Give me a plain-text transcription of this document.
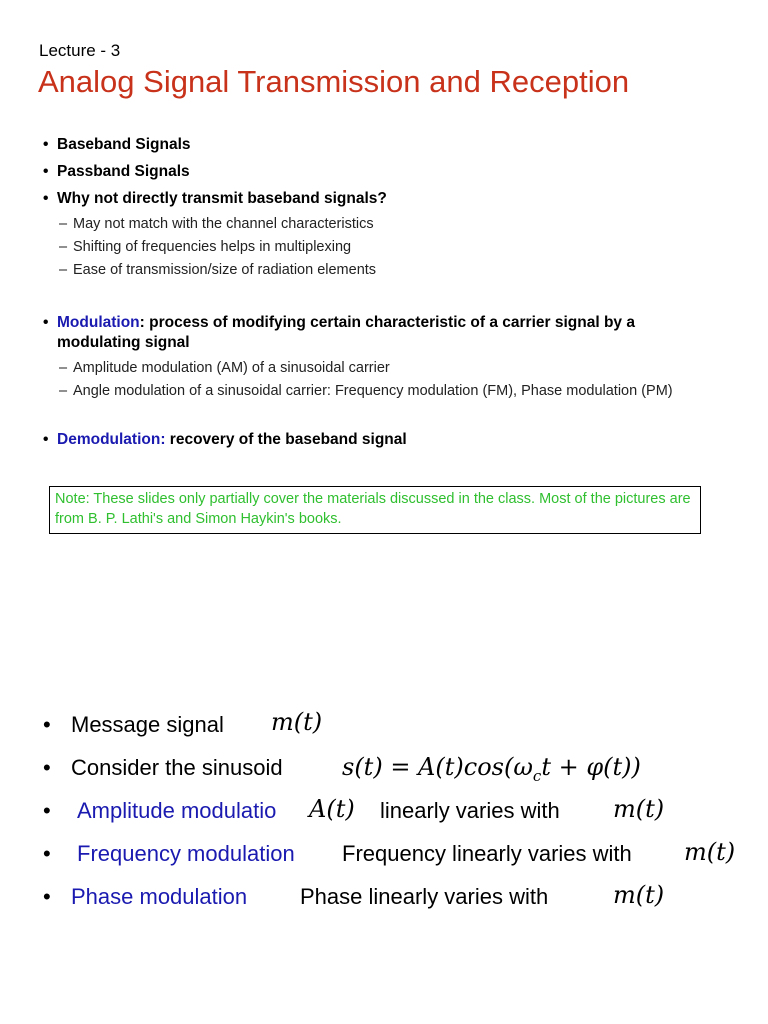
Lecture - 3
Analog Signal Transmission and Reception
• Baseband Signals
• Passband Signals
• Why not directly transmit baseband signals?
– May not match with the channel characteristics
– Shifting of frequencies helps in multiplexing
– Ease of transmission/size of radiation elements
• Modulation: process of modifying certain characteristic of a carrier signal by a
modulating signal
– Amplitude modulation (AM) of a sinusoidal carrier
– Angle modulation of a sinusoidal carrier: Frequency modulation (FM), Phase modulation (PM)
• Demodulation: recovery of the baseband signal
Note: These slides only partially cover the materials discussed in the class. Most of the pictures are from B. P. Lathi's and Simon Haykin's books.
• Message signal m(t)
• Consider the sinusoid $s(t) = A(t)\cos(\omega_ct + \varphi(t))$
• Amplitude modulatio A(t) linearly varies with m(t)
• Frequency modulation Frequency linearly varies with m(t)
• Phase modulation Phase linearly varies with	m(t)
